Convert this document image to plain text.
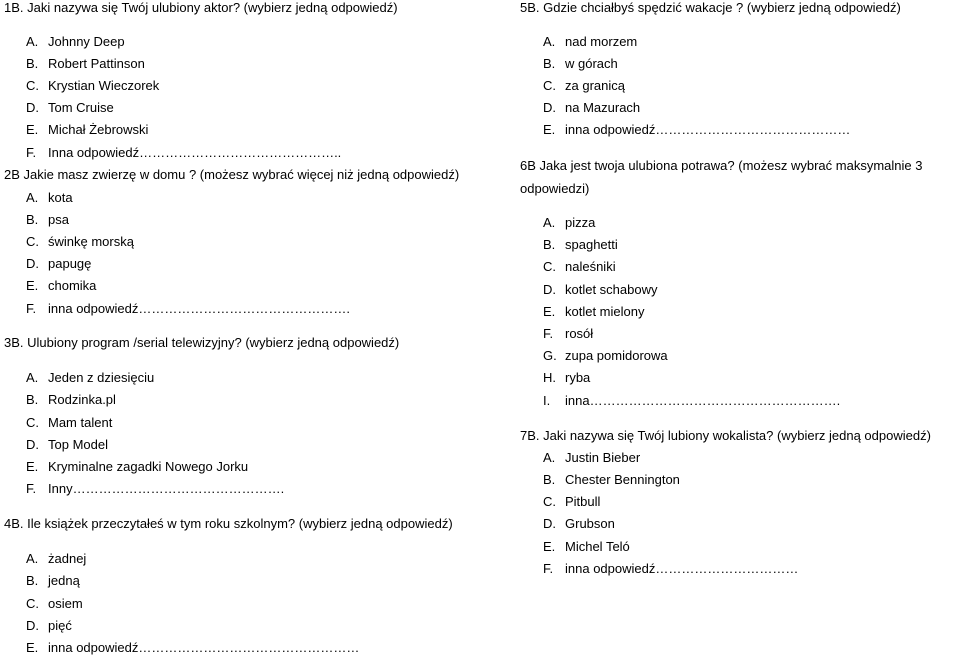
1B. Jaki nazywa się Twój ulubiony aktor? (wybierz jedną odpowiedź)
A. Johnny Deep
B. Robert Pattinson
C. Krystian Wieczorek
D. Tom Cruise
E. Michał Żebrowski
F. Inna odpowiedź………………………………………..
2B Jakie masz zwierzę w domu ? (możesz wybrać więcej niż jedną odpowiedź)
A. kota
B. psa
C. świnkę morską
D. papugę
E. chomika
F. inna odpowiedź………………………………………….
3B. Ulubiony program /serial telewizyjny? (wybierz jedną odpowiedź)
A. Jeden z dziesięciu
B. Rodzinka.pl
C. Mam talent
D. Top Model
E. Kryminalne zagadki Nowego Jorku
F. Inny………………………………………….
4B. Ile książek przeczytałeś w tym roku szkolnym? (wybierz jedną odpowiedź)
A. żadnej
B. jedną
C. osiem
D. pięć
E. inna odpowiedź……………………………………………
5B. Gdzie chciałbyś spędzić wakacje ? (wybierz jedną odpowiedź)
A. nad morzem
B. w górach
C. za granicą
D. na Mazurach
E. inna odpowiedź………………………………………
6B Jaka jest twoja ulubiona potrawa? (możesz wybrać maksymalnie 3
odpowiedzi)
A. pizza
B. spaghetti
C. naleśniki
D. kotlet schabowy
E. kotlet mielony
F. rosół
G. zupa pomidorowa
H. ryba
I. inna………………………………………………….
7B. Jaki nazywa się Twój lubiony wokalista? (wybierz jedną odpowiedź)
A. Justin Bieber
B. Chester Bennington
C. Pitbull
D. Grubson
E. Michel Teló
F. inna odpowiedź……………………………
